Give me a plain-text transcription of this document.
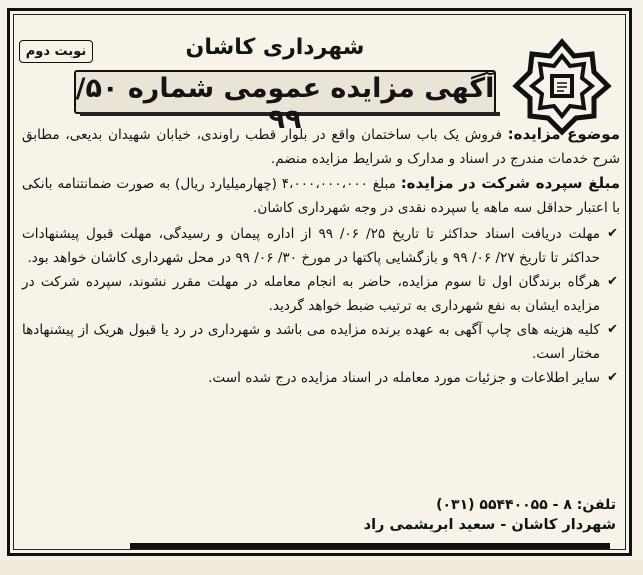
نوبت دوم	شهرداری کاشان
آگهی مزایده عمومی شماره ۵۰/ ۹۹	موضوع مزایده: فروش یک باب ساختمان واقع در بلوار قطب راوندی، خیابان شهیدان بدیعی، مطابق شرح خدمات مندرج در اسناد و مدارک و شرایط مزایده منضم.

مبلغ سپرده شرکت در مزایده: مبلغ ۴،۰۰۰،۰۰۰،۰۰۰ (چهارمیلیارد ریال) به صورت ضمانتنامه بانکی با اعتبار حداقل سه ماهه یا سپرده نقدی در وجه شهرداری کاشان.

✔
مهلت دریافت اسناد حداکثر تا تاریخ ۲۵/ ۰۶/ ۹۹ از اداره پیمان و رسیدگی، مهلت قبول پیشنهادات حداکثر تا تاریخ ۲۷/ ۰۶/ ۹۹ و بازگشایی پاکتها در مورخ ۳۰/ ۰۶/ ۹۹ در محل شهرداری کاشان خواهد بود.
✔
هرگاه برندگان اول تا سوم مزایده، حاضر به انجام معامله در مهلت مقرر نشوند، سپرده شرکت در مزایده ایشان به نفع شهرداری به ترتیب ضبط خواهد گردید.
✔
کلیه هزینه های چاپ آگهی به عهده برنده مزایده می باشد و شهرداری در رد یا قبول هریک از پیشنهادها مختار است.
✔
سایر اطلاعات و جزئیات مورد معامله در اسناد مزایده درج شده است.
تلفن: ۸ - ۵۵۴۴۰۰۵۵ (۰۳۱)
شهردار کاشان - سعید ابریشمی راد
